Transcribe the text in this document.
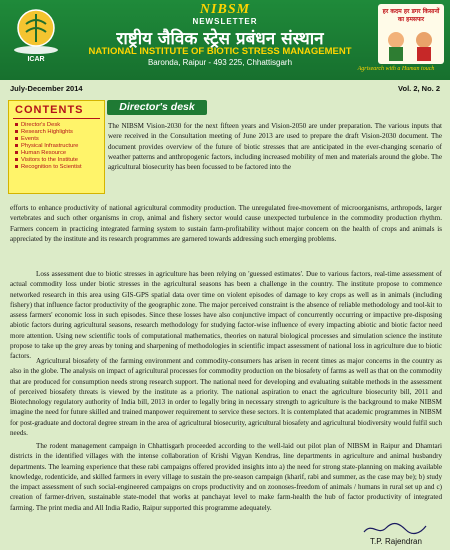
ICAR
NIBSM
NEWSLETTER
राष्ट्रीय जैविक स्ट्रेस प्रबंधन संस्थान
NATIONAL INSTITUTE OF BIOTIC STRESS MANAGEMENT
Baronda, Raipur - 493 225, Chhattisgarh
हर कदम हर डगर किसानों का हमसफर
Agrisearch with a Human touch
July-December 2014	Vol. 2, No. 2
CONTENTS
Director's Desk
Research Highlights
Events
Physical Infrastructure
Human Resource
Visitors to the Institute
Recognition to Scientist
Director's desk

The NIBSM Vision-2030 for the next fifteen years and Vision-2050 are under preparation. The various inputs that were received in the Consultation meeting of June 2013 are used to prepare the draft Vision-2030 document. The document provides overview of the future of biotic stresses that are anticipated in the ever-changing scenario of weather patterns and anthropogenic factors, including increased mobility of men and materials around the globe. The agricultural biosecurity has been focussed to be factored into the

efforts to enhance productivity of national agricultural commodity production. The unregulated free-movement of microorganisms, arthropods, larger vertebrates and such other organisms in crop, animal and fishery sector would cause unexpected turbulence in the commodity production rhythm. Farmers concern in practicing integrated farming system to sustain farm-profitability without major concern on the health of crops and animals is appreciated by the institute and its research programmes are garnered towards addressing such emerging problems.

Loss assessment due to biotic stresses in agriculture has been relying on 'guessed estimates'. Due to various factors, real-time assessment of actual commodity loss under biotic stresses in the agricultural seasons has been a challenge in the country. The institute propose to commence networked research in this area using GIS-GPS spatial data over time on violent episodes of damage to key crops as well as in animals (including fishery) that influence factor productivity of the geographic zone. The major perceived constraint is the absence of reliable methodology and tool-kit to assess farmers' economic loss in such episodes. Since these losses have also conjunctive impact of concurrently occurring or impactive pre-disposing abiotic factors during agricultural seasons, research methodology for studying factor-wise influence of every impacting abiotic and biotic factor need more attention. Using new scientific tools of computational mathematics, theories on natural biological processes and simulation science the institute propose to take up the grey areas by toning and sharpening of methodologies in scientific impact assessment of national loss in agriculture due to biotic factors.

Agricultural biosafety of the farming environment and commodity-consumers has arisen in recent times as major concerns in the country as also in the globe. The analysis on impact of agricultural processes for commodity production on the biosafety of farms as well as that on the commodity that are produced for consumption needs strong research support. The national need for developing and evaluating suitable methods in the assessment of perceived biosafety threats is viewed by the institute as a priority. The national aspiration to enact the agriculture biosecurity bill, 2011 and Biotechnology regulatory authority of India bill, 2013 in order to legally bring in necessary strength to agriculture is the background to make NIBSM imagine the need for future skilled and trained manpower requirement to service these sectors. It is contemplated that academic programmes in NIBSM for post-graduate and doctoral degree stream in the area of agricultural biosecurity, agricultural biosafety and agricultural biodiversity would fulfil such needs.

The rodent management campaign in Chhattisgarh proceeded according to the well-laid out pilot plan of NIBSM in Raipur and Dhamtari districts in the identified villages with the intense collaboration of Krishi Vigyan Kendras, line departments in agriculture and animal husbandry departments. The learning experience that these rabi campaigns offered provided insights into a) the need for strong state-planning on making available knowledge, rodenticide, and skilled farmers in every village to sustain the pre-season campaign (kharif, rabi and summer, as the case may be); b) study the impact assessment of such social-engineered campaigns on crops productivity and on zoonoses-freedom of animals / humans in rural set up and c) creation of farmer-driven, sustainable state-model that works at panchayat level to make farm-health the hub of factor productivity of integrated farming. The print media and All India Radio, Raipur supported this programme adequately.

T.P. Rajendran
